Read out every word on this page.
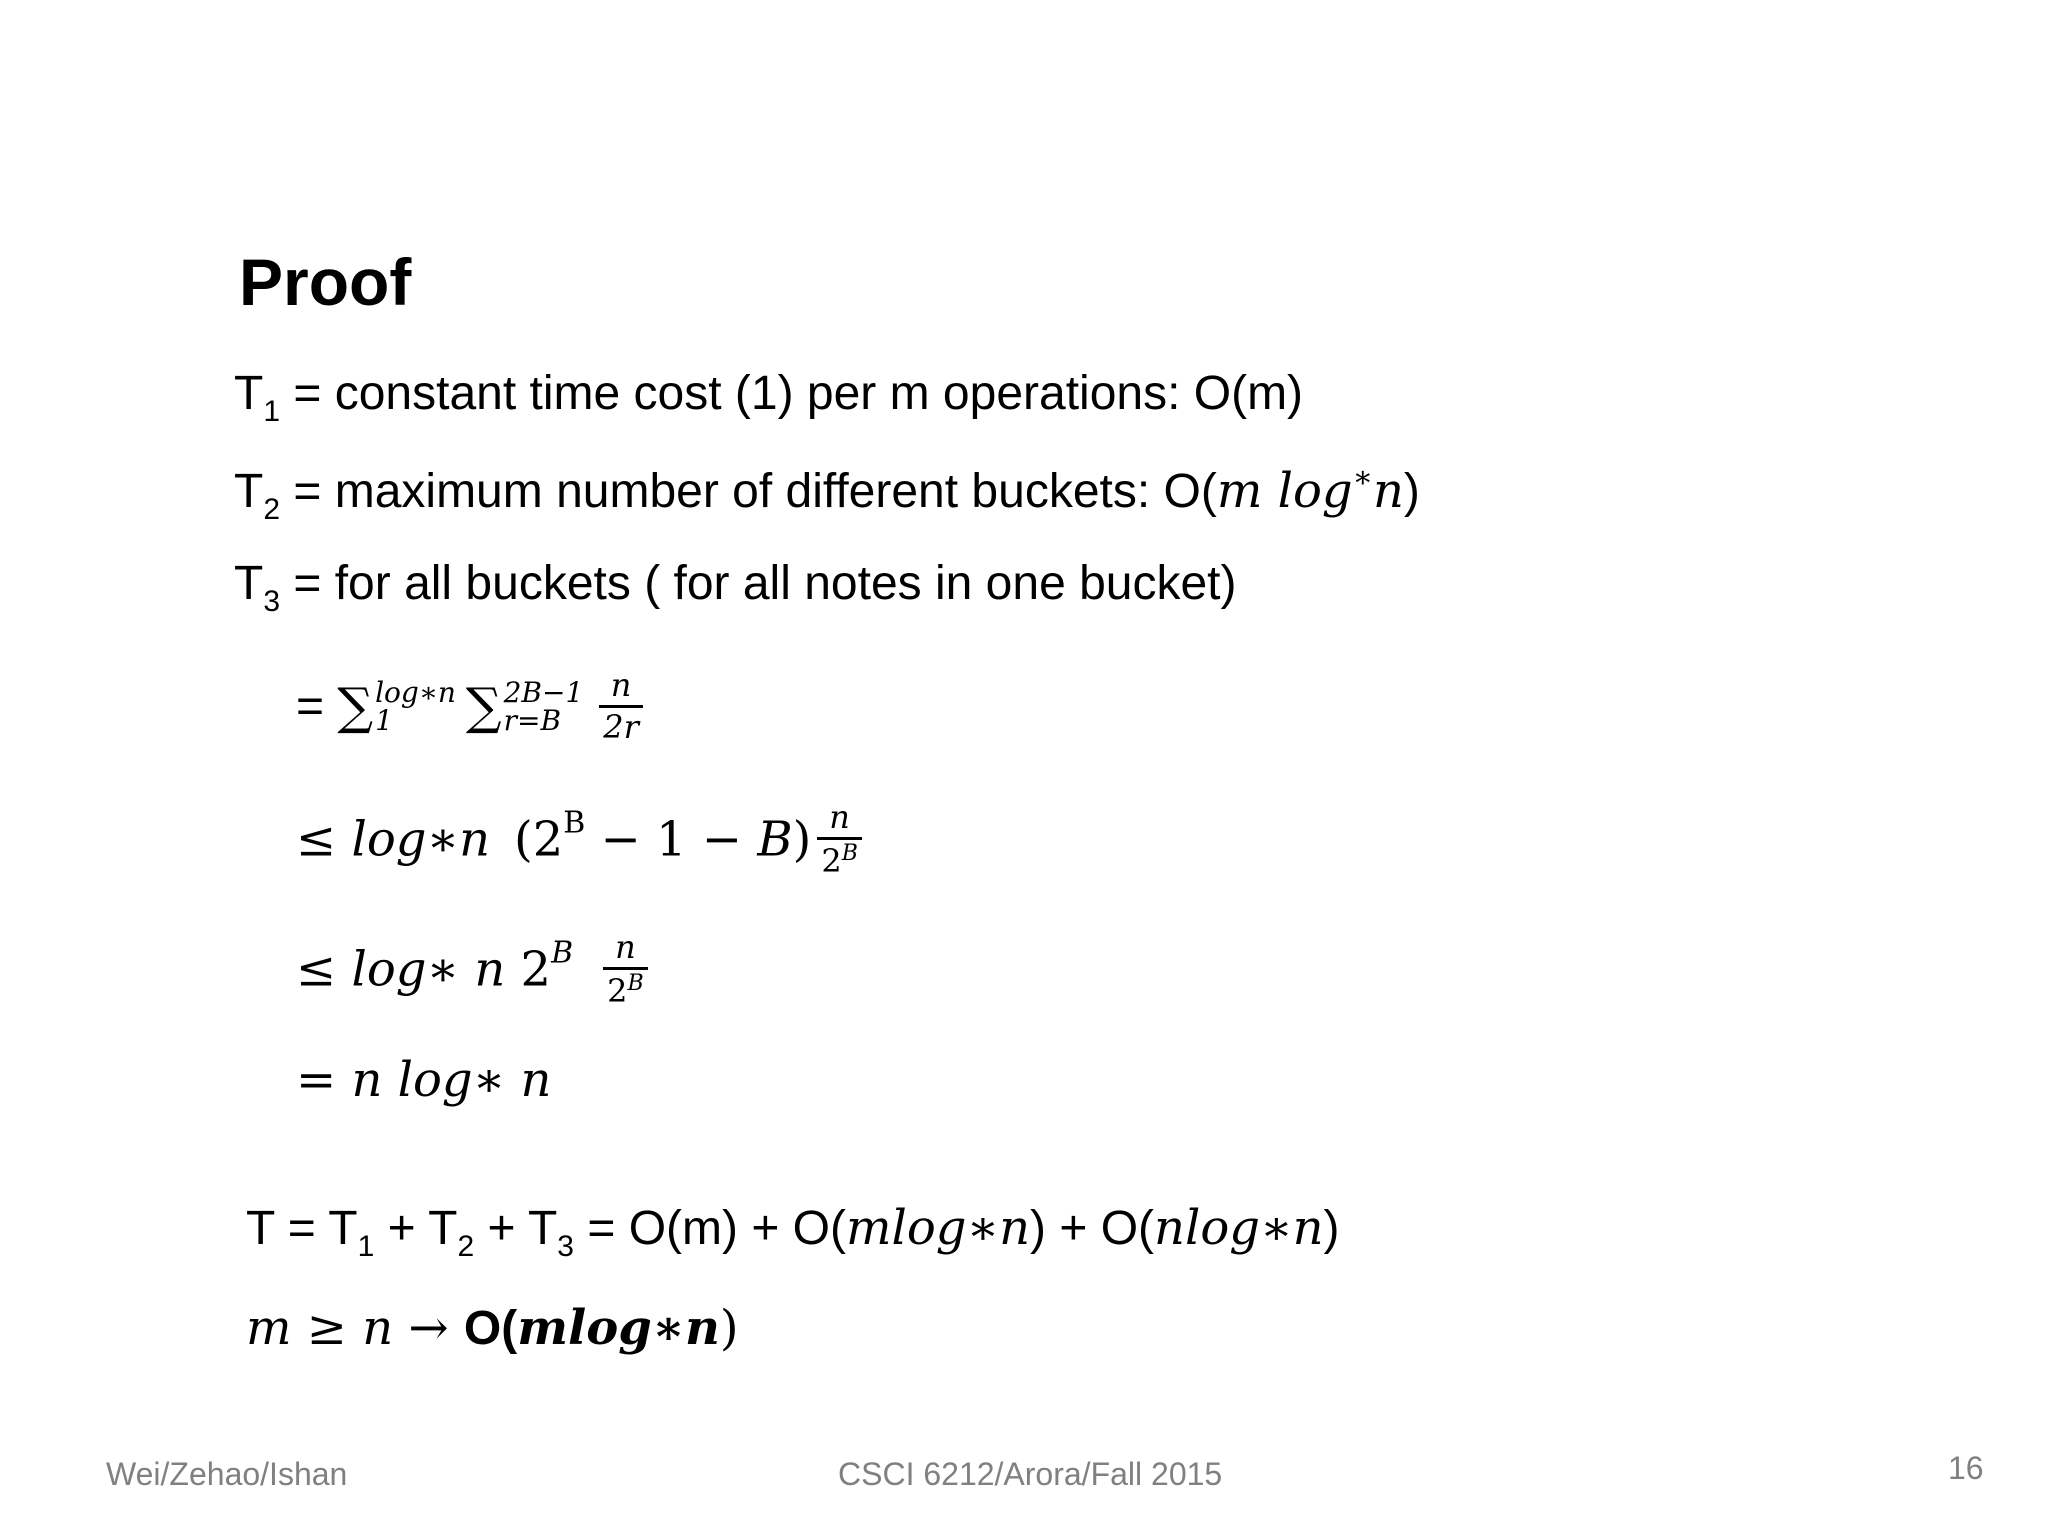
Proof
$T_1$ = constant time cost (1) per m operations: O(m)
$T_2$ = maximum number of different buckets: O(m log∗n)
$T_3$ = for all buckets ( for all notes in one bucket)
= ∑ log∗n
1	∑ 2B−1
r=B	$\frac{n}{2r}$
≤ log∗n  $(2^B - 1 - B) \frac{n}{2^B}$
≤ log∗ n $2^B$  $\frac{n}{2^B}$
= n log∗ n
$T = T_1 + T_2 + T_3 = O(m)$ + O(mlog∗n) + O(nlog∗n)
m ≥ n → O(mlog∗n)
Wei/Zehao/Ishan	CSCI 6212/Arora/Fall 2015	16
